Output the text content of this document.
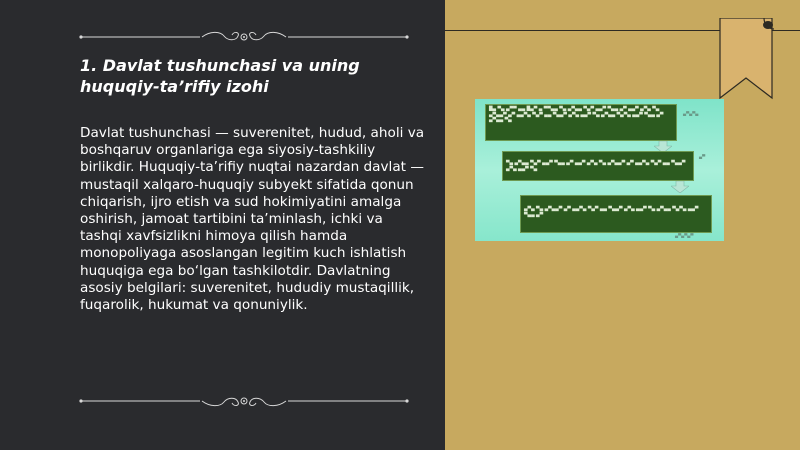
1. Davlat tushunchasi va uning huquqiy-ta’rifiy izohi

Davlat tushunchasi — suverenitet, hudud, aholi va boshqaruv organlariga ega siyosiy-tashkiliy birlikdir. Huquqiy-ta’rifiy nuqtai nazardan davlat — mustaqil xalqaro-huquqiy subyekt sifatida qonun chiqarish, ijro etish va sud hokimiyatini amalga oshirish, jamoat tartibini ta’minlash, ichki va tashqi xavfsizlikni himoya qilish hamda monopoliyaga asoslangan legitim kuch ishlatish huquqiga ega bo‘lgan tashkilotdir. Davlatning asosiy belgilari: suverenitet, hududiy mustaqillik, fuqarolik, hukumat va qonuniylik.

█▄ ▀▄ ▄▀▀ ▄▄ █▄▀ ▄ ▀▀▄▄ ▀▄ ▄▀▄▄ ▀▄▀ ▄▄▀ ▀▄▄ ▄▀ ▄▄▀ ▄▀▄ ▀▄ ▄▀▄▄▀ ▄▀ ▄▄▀▄ ▀▄▀ ▄▄ ▀▄▄▀ ▄▀▄ ▄▄▀ ▀▄ ▄▀▄▄ ▀▄▀▄ ▄▄▀ ▀▄▄ ▄▀ ▄▀▄▄ ▀▄
▀▄ ▄▀▄▄ ▀▄▀ ▄▄▀ ▀▄▄ ▄▀ ▄▄▀ ▄▀▄ ▀▄ ▄▀▄▄▀ ▄▀ ▄▄▀▄ ▀▄▀ ▄▄ ▀▄▄▀ ▄▀▄ ▄▄▀ ▀▄
▄▀▄ ▀▄ ▄▀▄▄▀ ▄▀ ▄▄▀▄ ▀▄▀ ▄▄ ▀▄▄▀ ▄▀▄ ▄▄▀ ▀▄ ▄▀▄▄ ▀▄▀▄ ▄▄▀ ▀▄▄ ▄▀
▄▀▄▀▄
▄▀
▄▀▄▀▄▀
